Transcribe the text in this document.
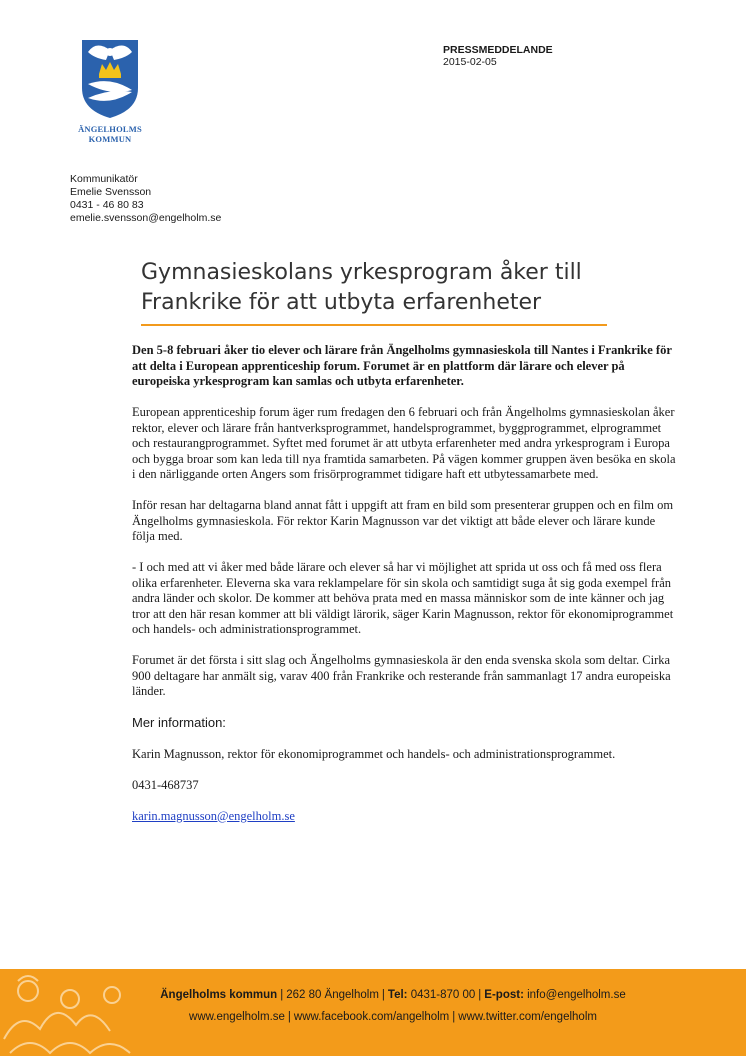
ÄNGELHOLMS
KOMMUN
PRESSMEDDELANDE
2015-02-05
Kommunikatör
Emelie Svensson
0431 - 46 80 83
emelie.svensson@engelholm.se
Gymnasieskolans yrkesprogram åker till
Frankrike för att utbyta erfarenheter

Den 5-8 februari åker tio elever och lärare från Ängelholms gymnasieskola till Nantes i Frankrike för att delta i European apprenticeship forum. Forumet är en plattform där lärare och elever på europeiska yrkesprogram kan samlas och utbyta erfarenheter.

European apprenticeship forum äger rum fredagen den 6 februari och från Ängelholms gymnasieskolan åker rektor, elever och lärare från hantverksprogrammet, handelsprogrammet, byggprogrammet, elprogrammet och restaurangprogrammet. Syftet med forumet är att utbyta erfarenheter med andra yrkesprogram i Europa och bygga broar som kan leda till nya framtida samarbeten. På vägen kommer gruppen även besöka en skola i den närliggande orten Angers som frisörprogrammet tidigare haft ett utbytessamarbete med.

Inför resan har deltagarna bland annat fått i uppgift att fram en bild som presenterar gruppen och en film om Ängelholms gymnasieskola. För rektor Karin Magnusson var det viktigt att både elever och lärare kunde följa med.

- I och med att vi åker med både lärare och elever så har vi möjlighet att sprida ut oss och få med oss flera olika erfarenheter. Eleverna ska vara reklampelare för sin skola och samtidigt suga åt sig goda exempel från andra länder och skolor. De kommer att behöva prata med en massa människor som de inte känner och jag tror att den här resan kommer att bli väldigt lärorik, säger Karin Magnusson, rektor för ekonomiprogrammet och handels- och administrationsprogrammet.

Forumet är det första i sitt slag och Ängelholms gymnasieskola är den enda svenska skola som deltar. Cirka 900 deltagare har anmält sig, varav 400 från Frankrike och resterande från sammanlagt 17 andra europeiska länder.

Mer information:

Karin Magnusson, rektor för ekonomiprogrammet och handels- och administrationsprogrammet.

0431-468737

karin.magnusson@engelholm.se

Ängelholms kommun | 262 80 Ängelholm | Tel: 0431-870 00 | E-post: info@engelholm.se
www.engelholm.se | www.facebook.com/angelholm | www.twitter.com/engelholm
